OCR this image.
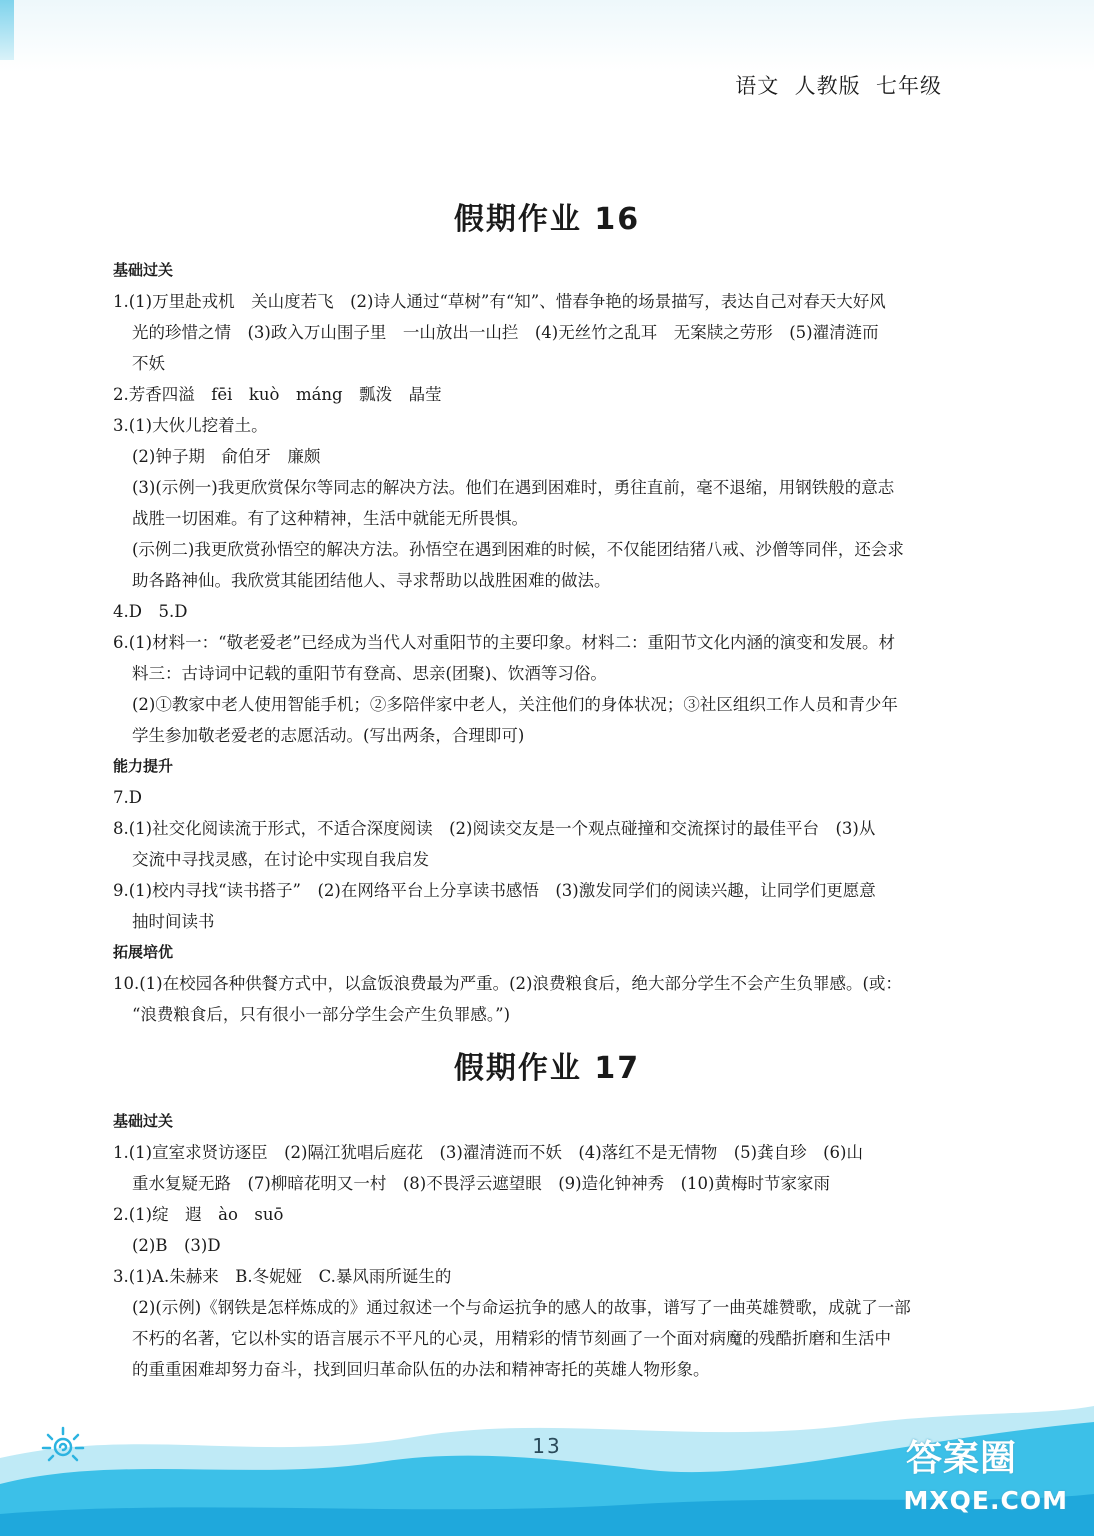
语文  人教版  七年级
假期作业 16
基础过关
1.(1)万里赴戎机　关山度若飞　(2)诗人通过“草树”有“知”、惜春争艳的场景描写，表达自己对春天大好风
光的珍惜之情　(3)政入万山围子里　一山放出一山拦　(4)无丝竹之乱耳　无案牍之劳形　(5)濯清涟而
不妖
2.芳香四溢　fēi　kuò　máng　瓢泼　晶莹
3.(1)大伙儿挖着土。
(2)钟子期　俞伯牙　廉颇
(3)(示例一)我更欣赏保尔等同志的解决方法。他们在遇到困难时，勇往直前，毫不退缩，用钢铁般的意志
战胜一切困难。有了这种精神，生活中就能无所畏惧。
(示例二)我更欣赏孙悟空的解决方法。孙悟空在遇到困难的时候，不仅能团结猪八戒、沙僧等同伴，还会求
助各路神仙。我欣赏其能团结他人、寻求帮助以战胜困难的做法。
4.D　5.D
6.(1)材料一：“敬老爱老”已经成为当代人对重阳节的主要印象。材料二：重阳节文化内涵的演变和发展。材
料三：古诗词中记载的重阳节有登高、思亲(团聚)、饮酒等习俗。
(2)①教家中老人使用智能手机；②多陪伴家中老人，关注他们的身体状况；③社区组织工作人员和青少年
学生参加敬老爱老的志愿活动。(写出两条，合理即可)
能力提升
7.D
8.(1)社交化阅读流于形式，不适合深度阅读　(2)阅读交友是一个观点碰撞和交流探讨的最佳平台　(3)从
交流中寻找灵感，在讨论中实现自我启发
9.(1)校内寻找“读书搭子”　(2)在网络平台上分享读书感悟　(3)激发同学们的阅读兴趣，让同学们更愿意
抽时间读书
拓展培优
10.(1)在校园各种供餐方式中，以盒饭浪费最为严重。(2)浪费粮食后，绝大部分学生不会产生负罪感。(或：
“浪费粮食后，只有很小一部分学生会产生负罪感。”)
假期作业 17
基础过关
1.(1)宣室求贤访逐臣　(2)隔江犹唱后庭花　(3)濯清涟而不妖　(4)落红不是无情物　(5)龚自珍　(6)山
重水复疑无路　(7)柳暗花明又一村　(8)不畏浮云遮望眼　(9)造化钟神秀　(10)黄梅时节家家雨
2.(1)绽　遐　ào　suō
(2)B　(3)D
3.(1)A.朱赫来　B.冬妮娅　C.暴风雨所诞生的
(2)(示例)《钢铁是怎样炼成的》通过叙述一个与命运抗争的感人的故事，谱写了一曲英雄赞歌，成就了一部
不朽的名著，它以朴实的语言展示不平凡的心灵，用精彩的情节刻画了一个面对病魔的残酷折磨和生活中
的重重困难却努力奋斗，找到回归革命队伍的办法和精神寄托的英雄人物形象。
13	答案圈
MXQE.COM
